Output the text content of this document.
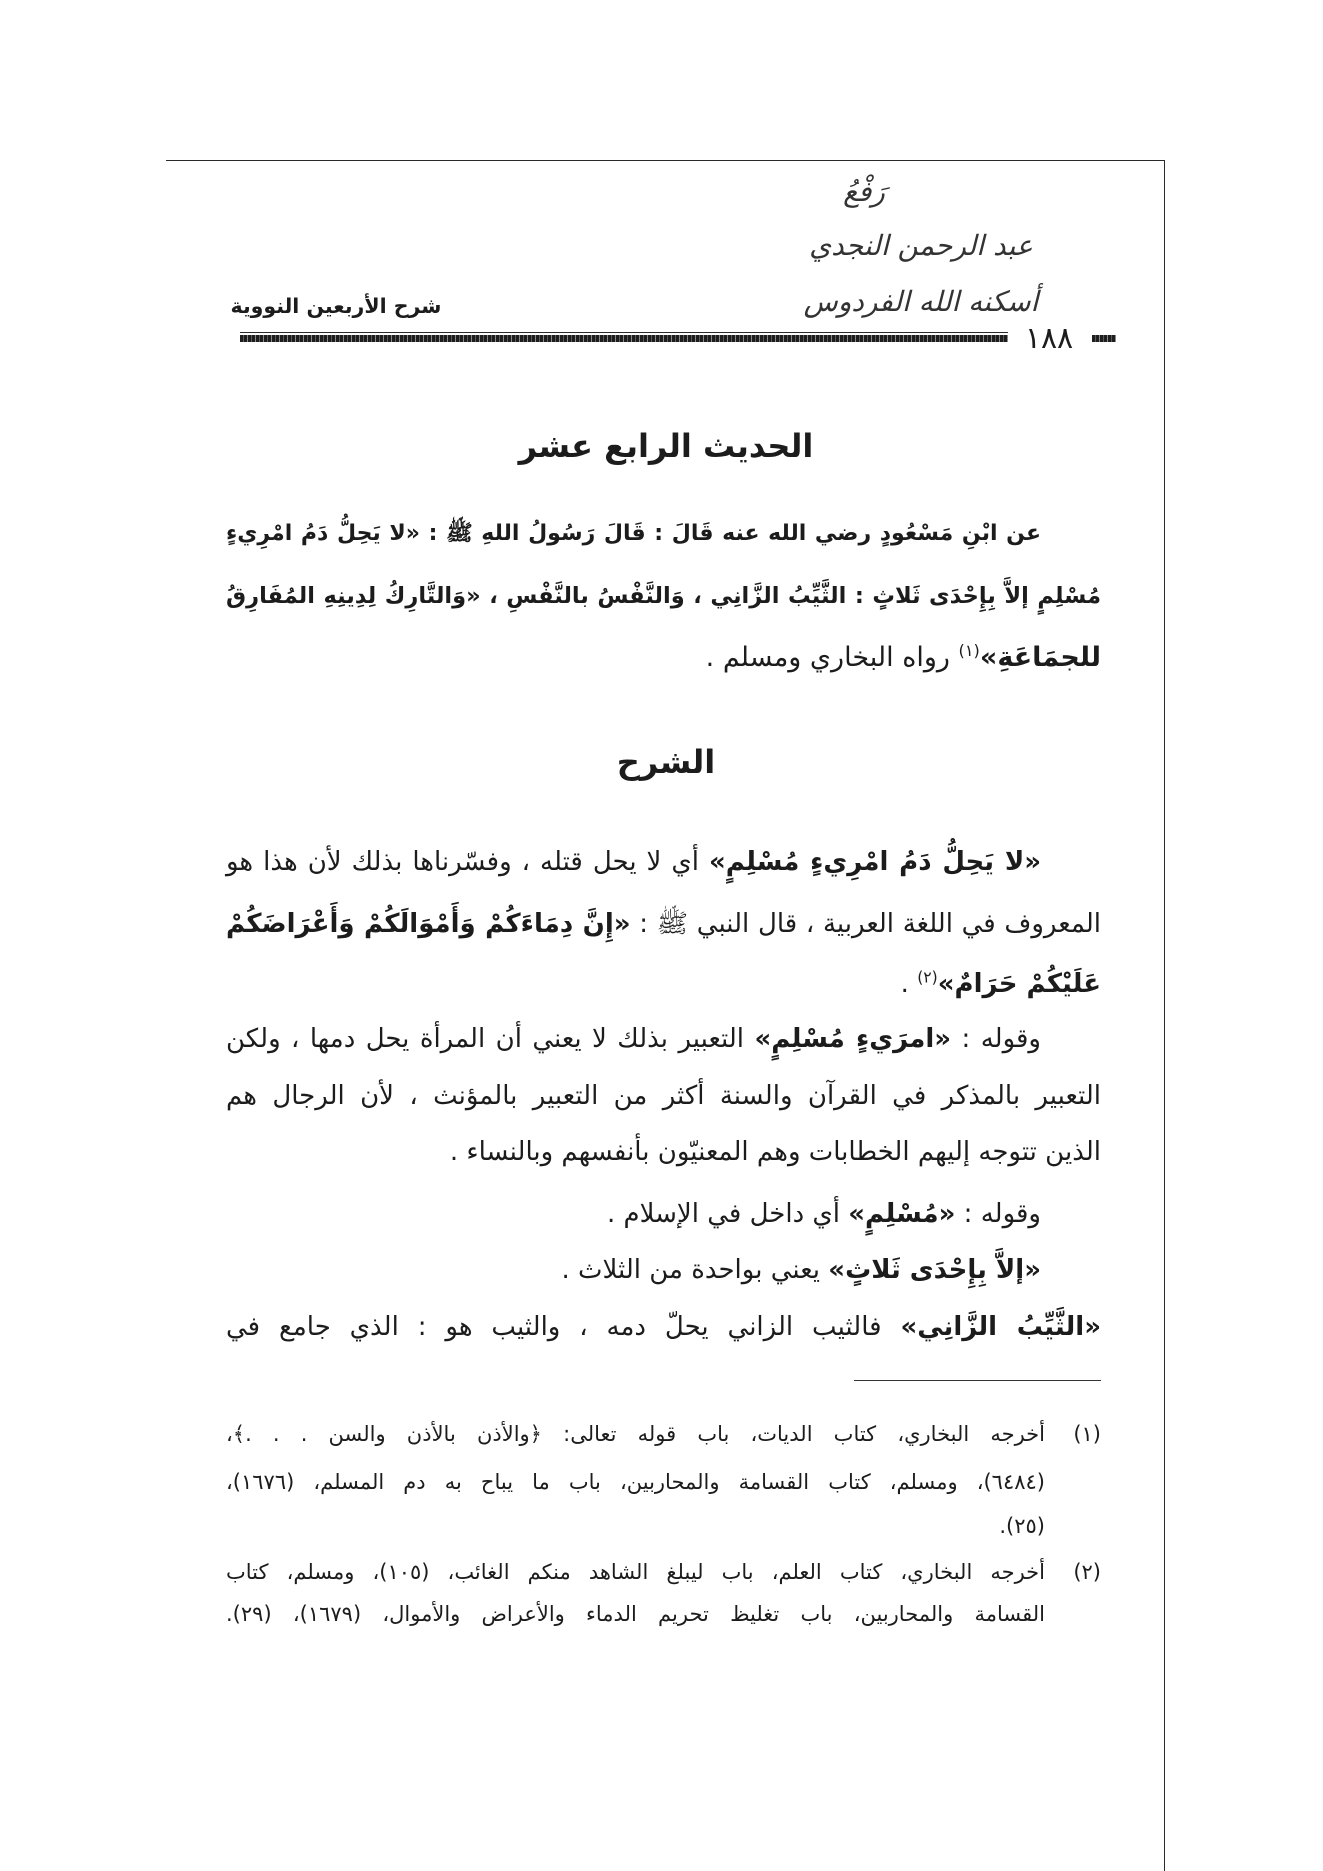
رَفْعُ
عبد الرحمن النجدي
أسكنه الله الفردوس
شرح الأربعين النووية
١٨٨
الحديث الرابع عشر
عن ابْنِ مَسْعُودٍ رضي الله عنه قَالَ : قَالَ رَسُولُ اللهِ ﷺ : «لا يَحِلُّ دَمُ امْرِيءٍ
مُسْلِمٍ إلاَّ بِإِحْدَى ثَلاثٍ : الثَّيِّبُ الزَّانِي ، وَالنَّفْسُ بالنَّفْسِ ، «وَالتَّارِكُ لِدِينِهِ المُفَارِقُ
للجمَاعَةِ»$^{(١)}$ رواه البخاري ومسلم .
الشرح
«لا يَحِلُّ دَمُ امْرِيءٍ مُسْلِمٍ» أي لا يحل قتله ، وفسّرناها بذلك لأن هذا هو
المعروف في اللغة العربية ، قال النبي ﷺ : «إِنَّ دِمَاءَكُمْ وَأَمْوَالَكُمْ وَأَعْرَاضَكُمْ
عَلَيْكُمْ حَرَامٌ»$^{(٢)}$ .
وقوله : «امرَيءٍ مُسْلِمٍ» التعبير بذلك لا يعني أن المرأة يحل دمها ، ولكن
التعبير بالمذكر في القرآن والسنة أكثر من التعبير بالمؤنث ، لأن الرجال هم
الذين تتوجه إليهم الخطابات وهم المعنيّون بأنفسهم وبالنساء .
وقوله : «مُسْلِمٍ» أي داخل في الإسلام .
«إلاَّ بِإِحْدَى ثَلاثٍ» يعني بواحدة من الثلاث .
«الثَّيِّبُ الزَّانِي» فالثيب الزاني يحلّ دمه ، والثيب هو : الذي جامع في
(١)
أخرجه البخاري، كتاب الديات، باب قوله تعالى: ﴿والأذن بالأذن والسن . . .﴾،
(٦٤٨٤)، ومسلم، كتاب القسامة والمحاربين، باب ما يباح به دم المسلم، (١٦٧٦)،
(٢٥).
(٢)
أخرجه البخاري، كتاب العلم، باب ليبلغ الشاهد منكم الغائب، (١٠٥)، ومسلم، كتاب
القسامة والمحاربين، باب تغليظ تحريم الدماء والأعراض والأموال، (١٦٧٩)، (٢٩).
